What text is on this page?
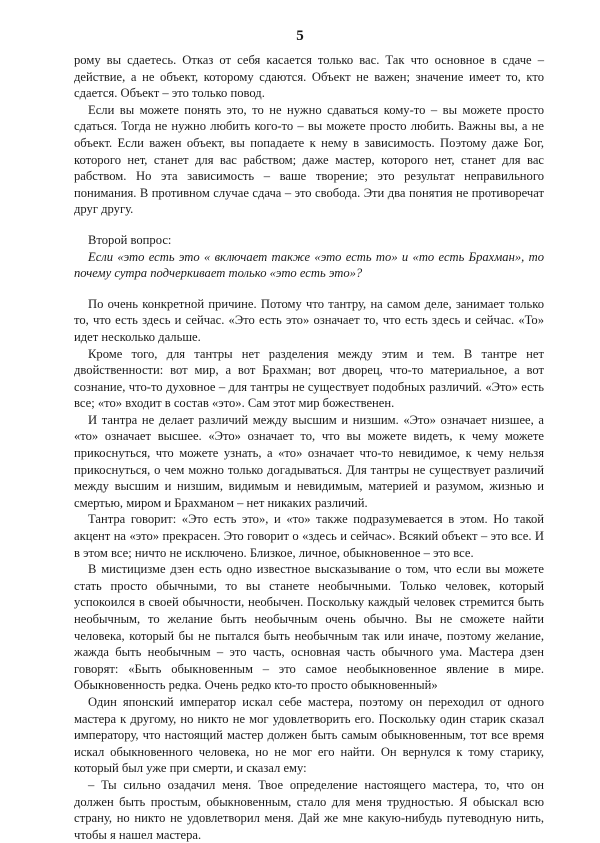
5

рому вы сдаетесь. Отказ от себя касается только вас. Так что основное в сдаче – действие, а не объект, которому сдаются. Объект не важен; значение имеет то, кто сдается. Объект – это только повод.

Если вы можете понять это, то не нужно сдаваться кому-то – вы можете просто сдаться. Тогда не нужно любить кого-то – вы можете просто любить. Важны вы, а не объект. Если важен объект, вы попадаете к нему в зависимость. Поэтому даже Бог, которого нет, станет для вас рабством; даже мастер, которого нет, станет для вас рабством. Но эта зависимость – ваше творение; это результат неправильного понимания. В противном случае сдача – это свобода. Эти два понятия не противоречат друг другу.

Второй вопрос:

Если «это есть это « включает также «это есть то» и «то есть Брахман», то почему сутра подчеркивает только «это есть это»?

По очень конкретной причине. Потому что тантру, на самом деле, занимает только то, что есть здесь и сейчас. «Это есть это» означает то, что есть здесь и сейчас. «То» идет несколько дальше.

Кроме того, для тантры нет разделения между этим и тем. В тантре нет двойственности: вот мир, а вот Брахман; вот дворец, что-то материальное, а вот сознание, что-то духовное – для тантры не существует подобных различий. «Это» есть все; «то» входит в состав «это». Сам этот мир божественен.

И тантра не делает различий между высшим и низшим. «Это» означает низшее, а «то» означает высшее. «Это» означает то, что вы можете видеть, к чему можете прикоснуться, что можете узнать, а «то» означает что-то невидимое, к чему нельзя прикоснуться, о чем можно только догадываться. Для тантры не существует различий между высшим и низшим, видимым и невидимым, материей и разумом, жизнью и смертью, миром и Брахманом – нет никаких различий.

Тантра говорит: «Это есть это», и «то» также подразумевается в этом. Но такой акцент на «это» прекрасен. Это говорит о «здесь и сейчас». Всякий объект – это все. И в этом все; ничто не исключено. Близкое, личное, обыкновенное – это все.

В мистицизме дзен есть одно известное высказывание о том, что если вы можете стать просто обычными, то вы станете необычными. Только человек, который успокоился в своей обычности, необычен. Поскольку каждый человек стремится быть необычным, то желание быть необычным очень обычно. Вы не сможете найти человека, который бы не пытался быть необычным так или иначе, поэтому желание, жажда быть необычным – это часть, основная часть обычного ума. Мастера дзен говорят: «Быть обыкновенным – это самое необыкновенное явление в мире. Обыкновенность редка. Очень редко кто-то просто обыкновенный»

Один японский император искал себе мастера, поэтому он переходил от одного мастера к другому, но никто не мог удовлетворить его. Поскольку один старик сказал императору, что настоящий мастер должен быть самым обыкновенным, тот все время искал обыкновенного человека, но не мог его найти. Он вернулся к тому старику, который был уже при смерти, и сказал ему:

– Ты сильно озадачил меня. Твое определение настоящего мастера, то, что он должен быть простым, обыкновенным, стало для меня трудностью. Я обыскал всю страну, но никто не удовлетворил меня. Дай же мне какую-нибудь путеводную нить, чтобы я нашел мастера.
